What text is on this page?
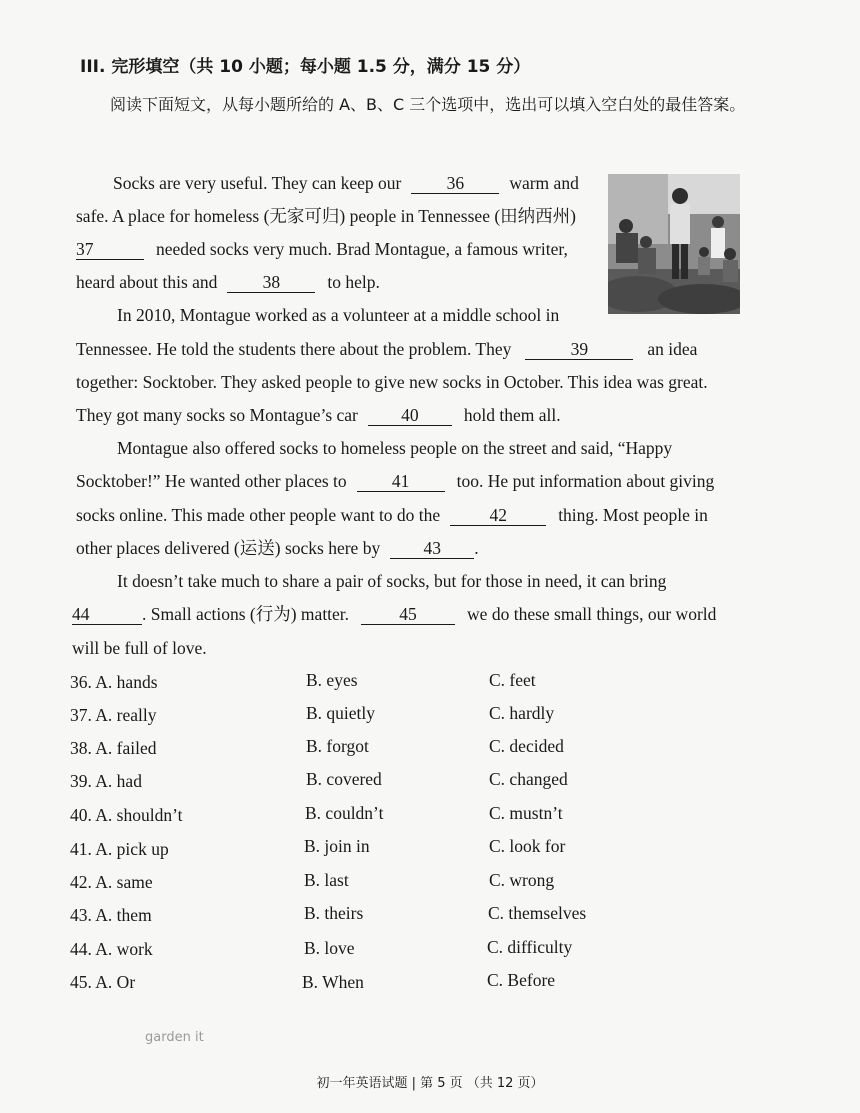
III. 完形填空（共 10 小题；每小题 1.5 分，满分 15 分）
阅读下面短文，从每小题所给的 A、B、C 三个选项中，选出可以填入空白处的最佳答案。
Socks are very useful. They can keep our	36	warm and
safe. A place for homeless (无家可归) people in Tennessee (田纳西州)
37	needed socks very much. Brad Montague, a famous writer,
heard about this and	38	to help.
In 2010, Montague worked as a volunteer at a middle school in
Tennessee. He told the students there about the problem. They	39	an idea
together: Socktober. They asked people to give new socks in October. This idea was great.
They got many socks so Montague’s car 40	hold them all.
Montague also offered socks to homeless people on the street and said, “Happy
Socktober!” He wanted other places to	41	too. He put information about giving
socks online. This made other people want to do the	42	thing. Most people in
other places delivered (运送) socks here by 43 .
It doesn’t take much to share a pair of socks, but for those in need, it can bring
44	. Small actions (行为) matter.	45	we do these small things, our world
will be full of love.
36. A. hands	B. eyes	C. feet
37. A. really	B. quietly	C. hardly
38. A. failed	B. forgot	C. decided
39. A. had	B. covered	C. changed
40. A. shouldn’t	B. couldn’t	C. mustn’t
41. A. pick up	B. join in	C. look for
42. A. same	B. last	C. wrong
43. A. them	B. theirs	C. themselves
44. A. work	B. love	C. difficulty
45. A. Or	B. When	C. Before
garden it
初一年英语试题 | 第 5 页 （共 12 页）
